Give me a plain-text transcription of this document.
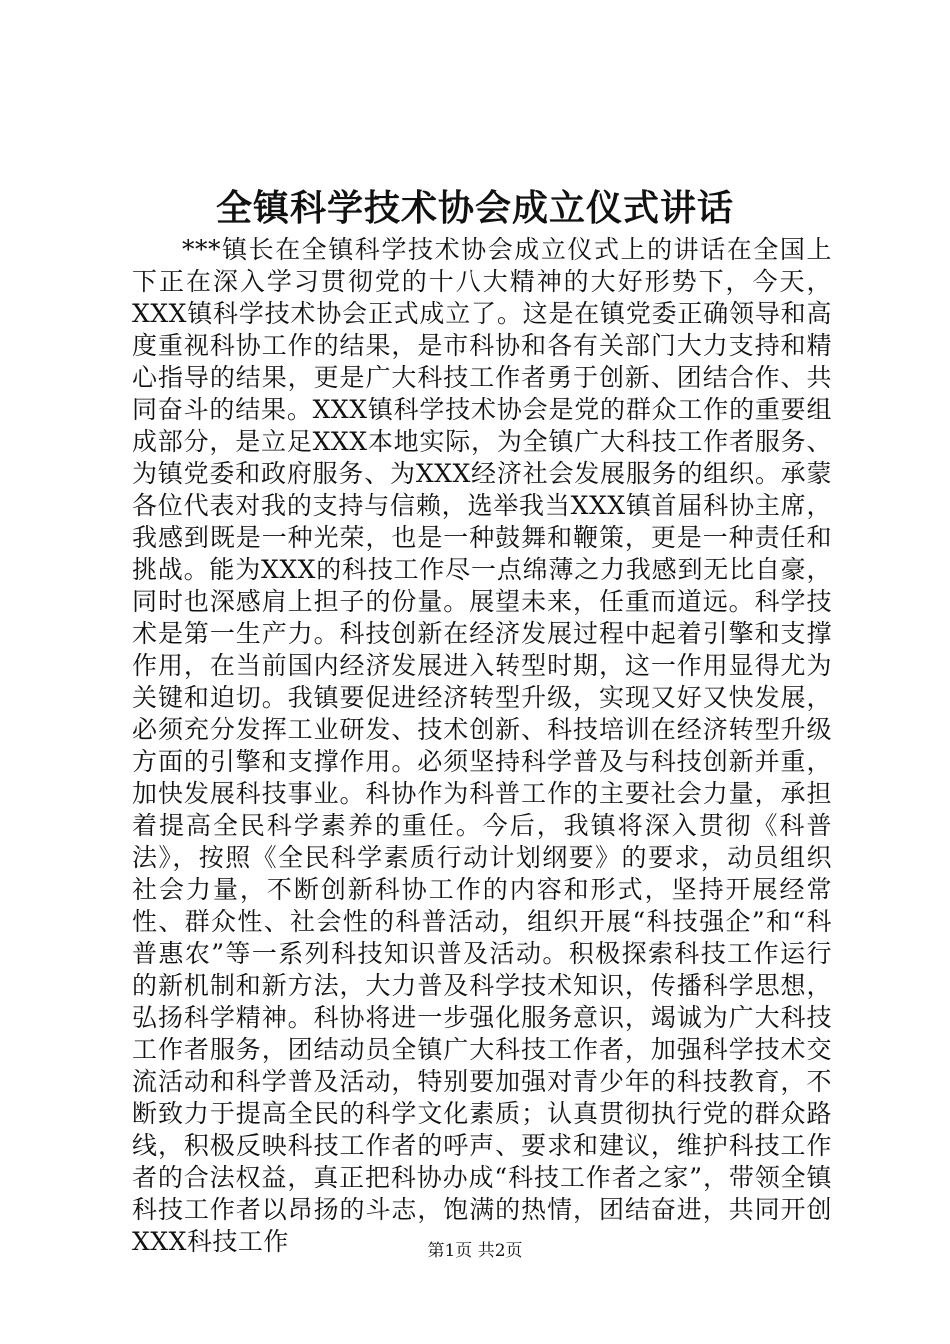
全镇科学技术协会成立仪式讲话

***镇长在全镇科学技术协会成立仪式上的讲话在全国上下正在深入学习贯彻党的十八大精神的大好形势下，今天，XXX镇科学技术协会正式成立了。这是在镇党委正确领导和高度重视科协工作的结果，是市科协和各有关部门大力支持和精心指导的结果，更是广大科技工作者勇于创新、团结合作、共同奋斗的结果。XXX镇科学技术协会是党的群众工作的重要组成部分，是立足XXX本地实际，为全镇广大科技工作者服务、为镇党委和政府服务、为XXX经济社会发展服务的组织。承蒙各位代表对我的支持与信赖，选举我当XXX镇首届科协主席，我感到既是一种光荣，也是一种鼓舞和鞭策，更是一种责任和挑战。能为XXX的科技工作尽一点绵薄之力我感到无比自豪，同时也深感肩上担子的份量。展望未来，任重而道远。科学技术是第一生产力。科技创新在经济发展过程中起着引擎和支撑作用，在当前国内经济发展进入转型时期，这一作用显得尤为关键和迫切。我镇要促进经济转型升级，实现又好又快发展，必须充分发挥工业研发、技术创新、科技培训在经济转型升级方面的引擎和支撑作用。必须坚持科学普及与科技创新并重，加快发展科技事业。科协作为科普工作的主要社会力量，承担着提高全民科学素养的重任。今后，我镇将深入贯彻《科普法》，按照《全民科学素质行动计划纲要》的要求，动员组织社会力量，不断创新科协工作的内容和形式，坚持开展经常性、群众性、社会性的科普活动，组织开展“科技强企”和“科普惠农”等一系列科技知识普及活动。积极探索科技工作运行的新机制和新方法，大力普及科学技术知识，传播科学思想，弘扬科学精神。科协将进一步强化服务意识，竭诚为广大科技工作者服务，团结动员全镇广大科技工作者，加强科学技术交流活动和科学普及活动，特别要加强对青少年的科技教育，不断致力于提高全民的科学文化素质；认真贯彻执行党的群众路线，积极反映科技工作者的呼声、要求和建议，维护科技工作者的合法权益，真正把科协办成“科技工作者之家”，带领全镇科技工作者以昂扬的斗志，饱满的热情，团结奋进，共同开创XXX科技工作	第1页 共2页
